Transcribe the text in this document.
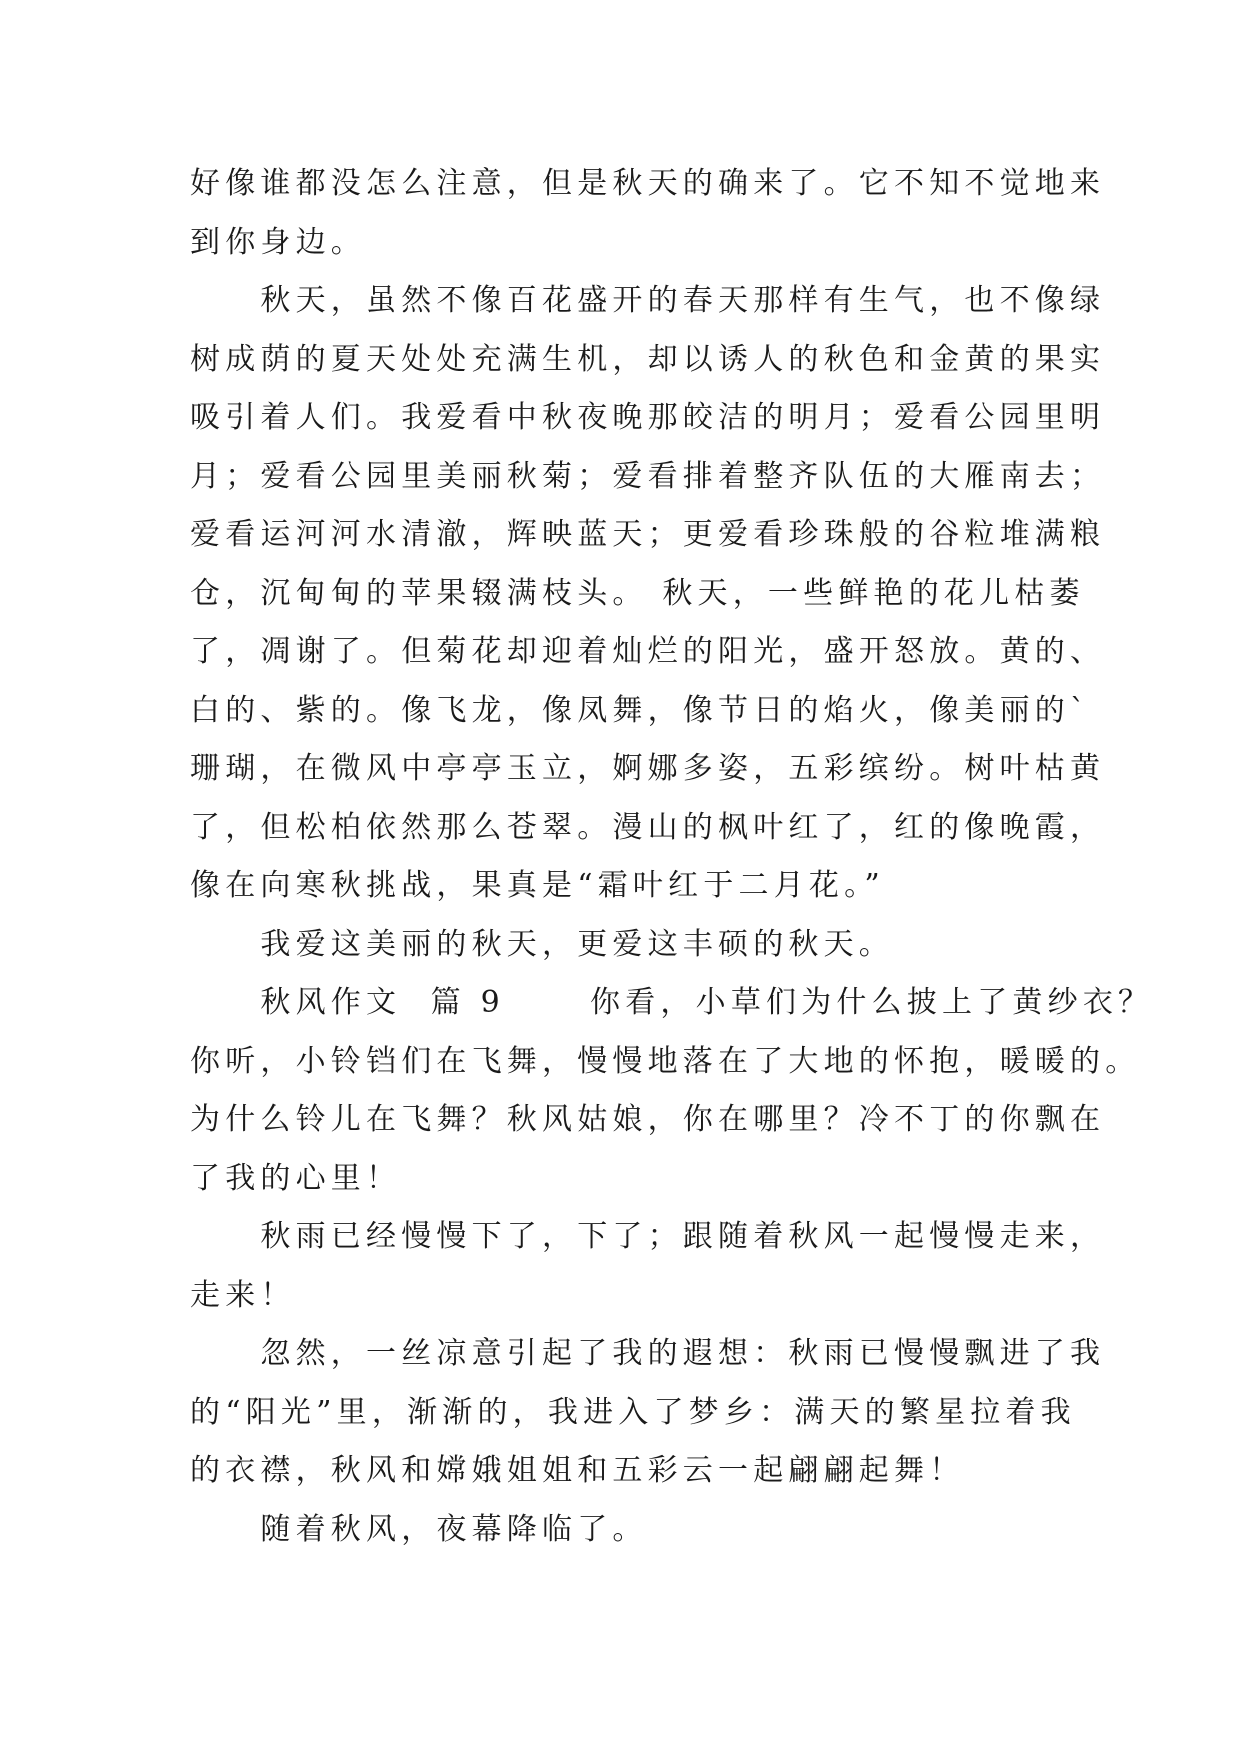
好像谁都没怎么注意，但是秋天的确来了。它不知不觉地来
到你身边。
　　秋天，虽然不像百花盛开的春天那样有生气，也不像绿
树成荫的夏天处处充满生机，却以诱人的秋色和金黄的果实
吸引着人们。我爱看中秋夜晚那皎洁的明月；爱看公园里明
月；爱看公园里美丽秋菊；爱看排着整齐队伍的大雁南去；
爱看运河河水清澈，辉映蓝天；更爱看珍珠般的谷粒堆满粮
仓，沉甸甸的苹果辍满枝头。 秋天，一些鲜艳的花儿枯萎
了，凋谢了。但菊花却迎着灿烂的阳光，盛开怒放。黄的、
白的、紫的。像飞龙，像凤舞，像节日的焰火，像美丽的`
珊瑚，在微风中亭亭玉立，婀娜多姿，五彩缤纷。树叶枯黄
了，但松柏依然那么苍翠。漫山的枫叶红了，红的像晚霞，
像在向寒秋挑战，果真是“霜叶红于二月花。”
　　我爱这美丽的秋天，更爱这丰硕的秋天。
　　秋风作文  篇 9 　　你看，小草们为什么披上了黄纱衣？
你听，小铃铛们在飞舞，慢慢地落在了大地的怀抱，暖暖的。
为什么铃儿在飞舞？秋风姑娘，你在哪里？冷不丁的你飘在
了我的心里！
　　秋雨已经慢慢下了，下了；跟随着秋风一起慢慢走来，
走来！
　　忽然，一丝凉意引起了我的遐想：秋雨已慢慢飘进了我
的“阳光”里，渐渐的，我进入了梦乡：满天的繁星拉着我
的衣襟，秋风和嫦娥姐姐和五彩云一起翩翩起舞！
　　随着秋风，夜幕降临了。
